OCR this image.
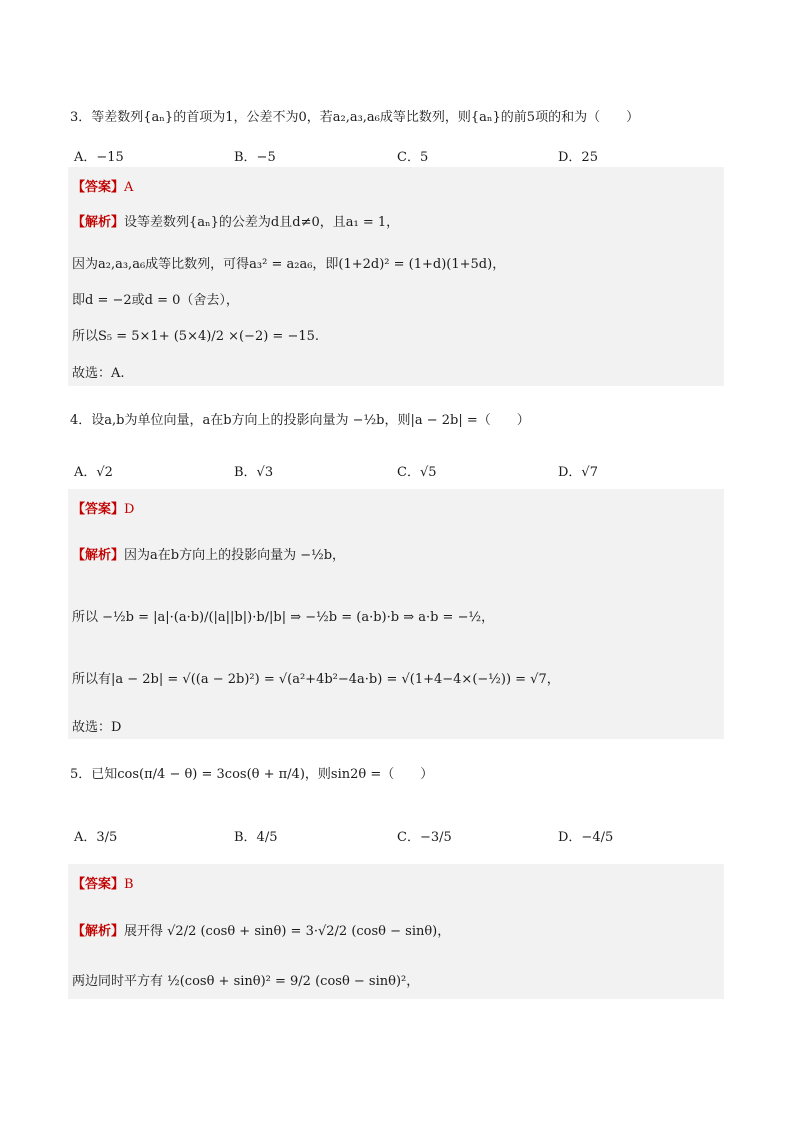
3．等差数列{aₙ}的首项为1，公差不为0，若a₂,a₃,a₆成等比数列，则{aₙ}的前5项的和为（　　）
A．−15	B．−5	C．5	D．25
【答案】A
【解析】设等差数列{aₙ}的公差为d且d≠0，且a₁ = 1，
因为a₂,a₃,a₆成等比数列，可得a₃² = a₂a₆，即(1+2d)² = (1+d)(1+5d)，
即d = −2或d = 0（舍去），
所以S₅ = 5×1+ (5×4)/2 ×(−2) = −15.
故选：A.
4．设a,b为单位向量，a在b方向上的投影向量为 −½b，则|a − 2b| =（　　）
A．√2	B．√3	C．√5	D．√7
【答案】D
【解析】因为a在b方向上的投影向量为 −½b，
所以 −½b = |a|·(a·b)/(|a||b|)·b/|b| ⇒ −½b = (a·b)·b ⇒ a·b = −½，
所以有|a − 2b| = √((a − 2b)²) = √(a²+4b²−4a·b) = √(1+4−4×(−½)) = √7，
故选：D
5．已知cos(π/4 − θ) = 3cos(θ + π/4)，则sin2θ =（　　）
A．3/5	B．4/5	C．−3/5	D．−4/5
【答案】B
【解析】展开得 √2/2 (cosθ + sinθ) = 3·√2/2 (cosθ − sinθ)，
两边同时平方有 ½(cosθ + sinθ)² = 9/2 (cosθ − sinθ)²，
